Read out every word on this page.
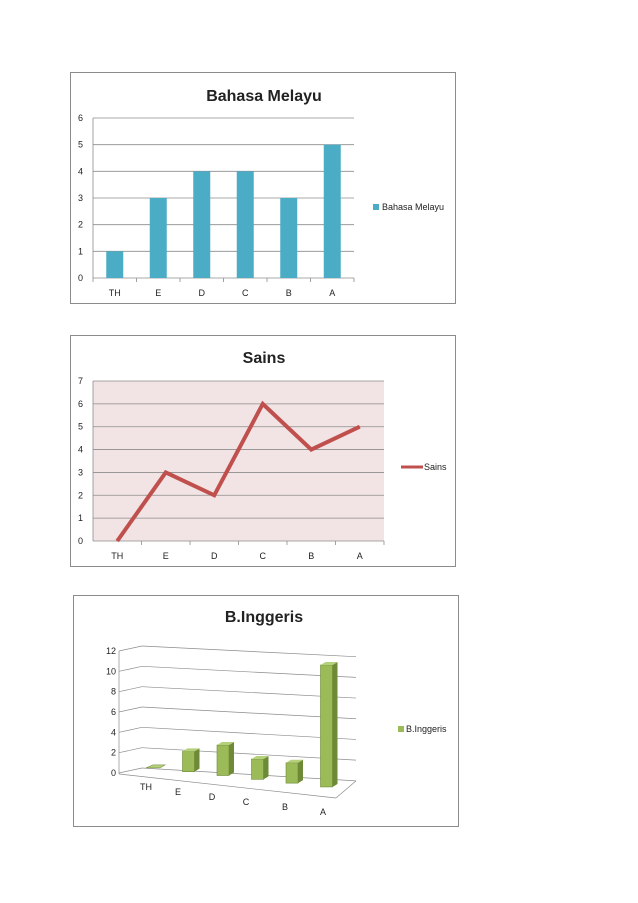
Bahasa Melayu
0
1
2
3
4
5
6
TH	E	D	C	B	A
Bahasa Melayu
Sains
0
1
2
3
4
5
6
7
TH	E	D	C	B	A
Sains
B.Inggeris
0
2
4
6
8
10
12
TH	E	D	C	B	A
B.Inggeris
